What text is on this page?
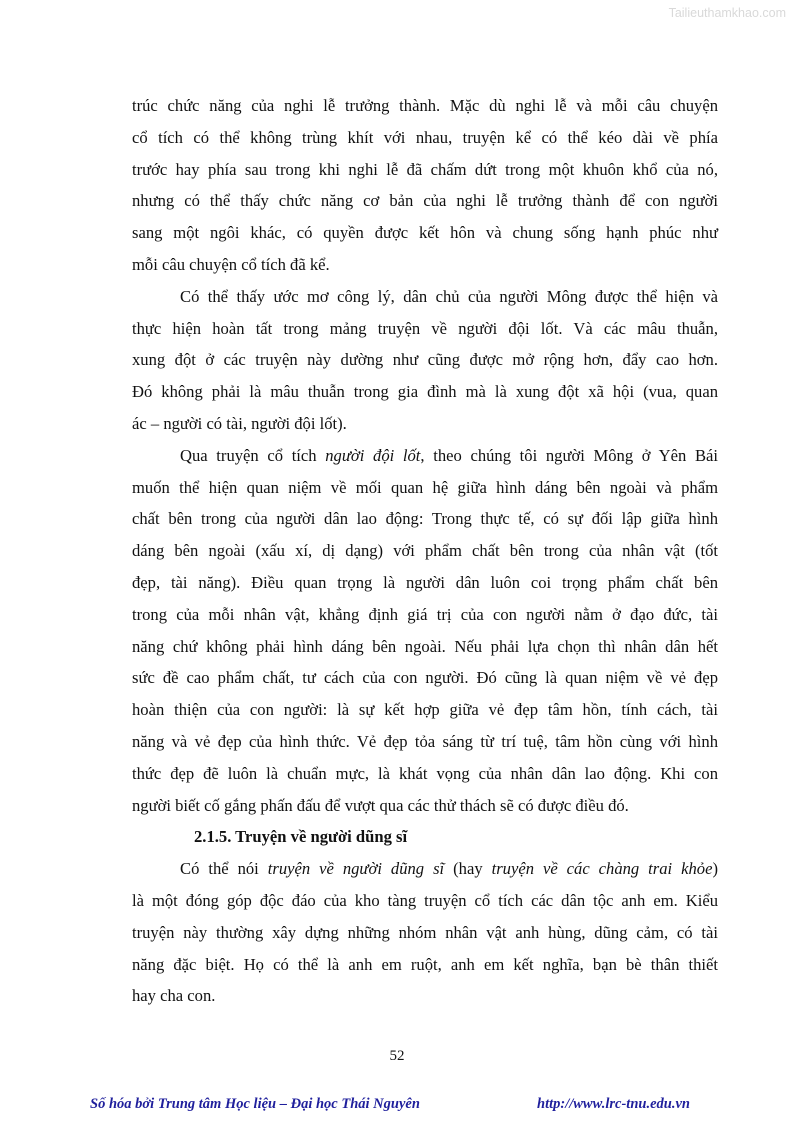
Tailieuthamkhao.com
trúc chức năng của nghi lễ trưởng thành. Mặc dù nghi lễ và mỗi câu chuyện
cổ tích có thể không trùng khít với nhau, truyện kể có thể kéo dài về phía
trước hay phía sau trong khi nghi lễ đã chấm dứt trong một khuôn khổ của nó,
nhưng có thể thấy chức năng cơ bản của nghi lễ trưởng thành để con người
sang một ngôi khác, có quyền được kết hôn và chung sống hạnh phúc như
mỗi câu chuyện cổ tích đã kể.
Có thể thấy ước mơ công lý, dân chủ của người Mông được thể hiện và
thực hiện hoàn tất trong mảng truyện về người đội lốt. Và các mâu thuẫn,
xung đột ở các truyện này dường như cũng được mở rộng hơn, đẩy cao hơn.
Đó không phải là mâu thuẫn trong gia đình mà là xung đột xã hội (vua, quan
ác – người có tài, người đội lốt).
Qua truyện cổ tích người đội lốt, theo chúng tôi người Mông ở Yên Bái
muốn thể hiện quan niệm về mối quan hệ giữa hình dáng bên ngoài và phẩm
chất bên trong của người dân lao động: Trong thực tế, có sự đối lập giữa hình
dáng bên ngoài (xấu xí, dị dạng) với phẩm chất bên trong của nhân vật (tốt
đẹp, tài năng). Điều quan trọng là người dân luôn coi trọng phẩm chất bên
trong của mỗi nhân vật, khẳng định giá trị của con người nằm ở đạo đức, tài
năng chứ không phải hình dáng bên ngoài. Nếu phải lựa chọn thì nhân dân hết
sức đề cao phẩm chất, tư cách của con người. Đó cũng là quan niệm về vẻ đẹp
hoàn thiện của con người: là sự kết hợp giữa vẻ đẹp tâm hồn, tính cách, tài
năng và vẻ đẹp của hình thức. Vẻ đẹp tỏa sáng từ trí tuệ, tâm hồn cùng với hình
thức đẹp đẽ luôn là chuẩn mực, là khát vọng của nhân dân lao động. Khi con
người biết cố gắng phấn đấu để vượt qua các thử thách sẽ có được điều đó.
2.1.5. Truyện về người dũng sĩ
Có thể nói truyện về người dũng sĩ (hay truyện về các chàng trai khỏe)
là một đóng góp độc đáo của kho tàng truyện cổ tích các dân tộc anh em. Kiểu
truyện này thường xây dựng những nhóm nhân vật anh hùng, dũng cảm, có tài
năng đặc biệt. Họ có thể là anh em ruột, anh em kết nghĩa, bạn bè thân thiết
hay cha con.
52
Số hóa bởi Trung tâm Học liệu – Đại học Thái Nguyên	http://www.lrc-tnu.edu.vn
